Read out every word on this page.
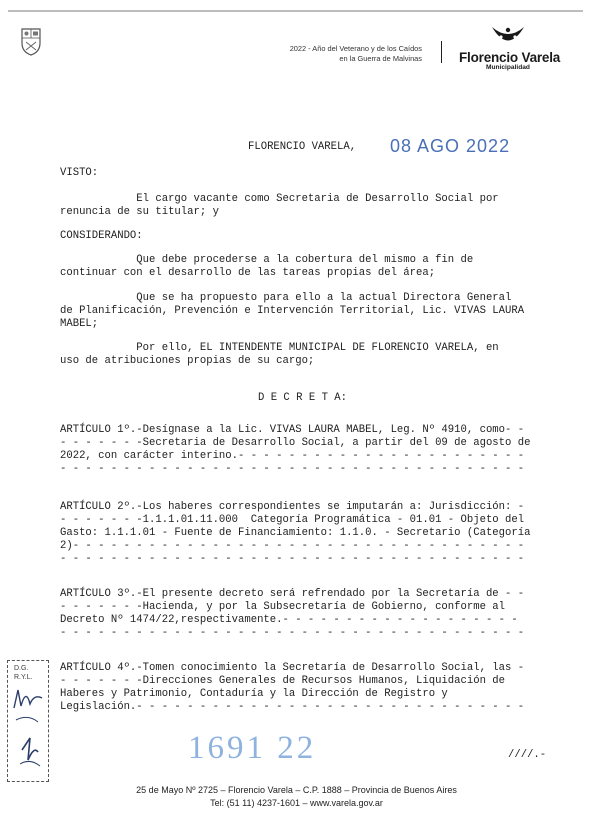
2022 - Año del Veterano y de los Caídos
en la Guerra de Malvinas	Florencio Varela
Municipalidad
FLORENCIO VARELA, 08 AGO 2022
VISTO:
El cargo vacante como Secretaria de Desarrollo Social por
renuncia de su titular; y
CONSIDERANDO:
Que debe procederse a la cobertura del mismo a fin de
continuar con el desarrollo de las tareas propias del área;
Que se ha propuesto para ello a la actual Directora General
de Planificación, Prevención e Intervención Territorial, Lic. VIVAS LAURA
MABEL;
Por ello, EL INTENDENTE MUNICIPAL DE FLORENCIO VARELA, en
uso de atribuciones propias de su cargo;
D E C R E T A:
ARTÍCULO 1º.-Desígnase a la Lic. VIVAS LAURA MABEL, Leg. Nº 4910, como- -
- - - - - - -Secretaria de Desarrollo Social, a partir del 09 de agosto de
2022, con carácter interino.- - - - - - - - - - - - - - - - - - - - - - -
- - - - - - - - - - - - - - - - - - - - - - - - - - - - - - - - - - - - -
ARTÍCULO 2º.-Los haberes correspondientes se imputarán a: Jurisdicción: -
- - - - - - -1.1.1.01.11.000  Categoría Programática - 01.01 - Objeto del
Gasto: 1.1.1.01 - Fuente de Financiamiento: 1.1.0. - Secretario (Categoría
2)- - - - - - - - - - - - - - - - - - - - - - - - - - - - - - - - - - - -
- - - - - - - - - - - - - - - - - - - - - - - - - - - - - - - - - - - - -
ARTÍCULO 3º.-El presente decreto será refrendado por la Secretaría de - -
- - - - - - -Hacienda, y por la Subsecretaría de Gobierno, conforme al
Decreto Nº 1474/22,respectivamente.- - - - - - - - - - - - - - - - - - -
- - - - - - - - - - - - - - - - - - - - - - - - - - - - - - - - - - - - -
ARTÍCULO 4º.-Tomen conocimiento la Secretaría de Desarrollo Social, las -
- - - - - - -Direcciones Generales de Recursos Humanos, Liquidación de
Haberes y Patrimonio, Contaduría y la Dirección de Registro y
Legislación.- - - - - - - - - - - - - - - - - - - - - - - - - - - - - - -
D.G.
R.Y.L.
1691 22	////.-
25 de Mayo Nº 2725 – Florencio Varela – C.P. 1888 – Provincia de Buenos Aires
Tel: (51 11) 4237-1601 – www.varela.gov.ar
